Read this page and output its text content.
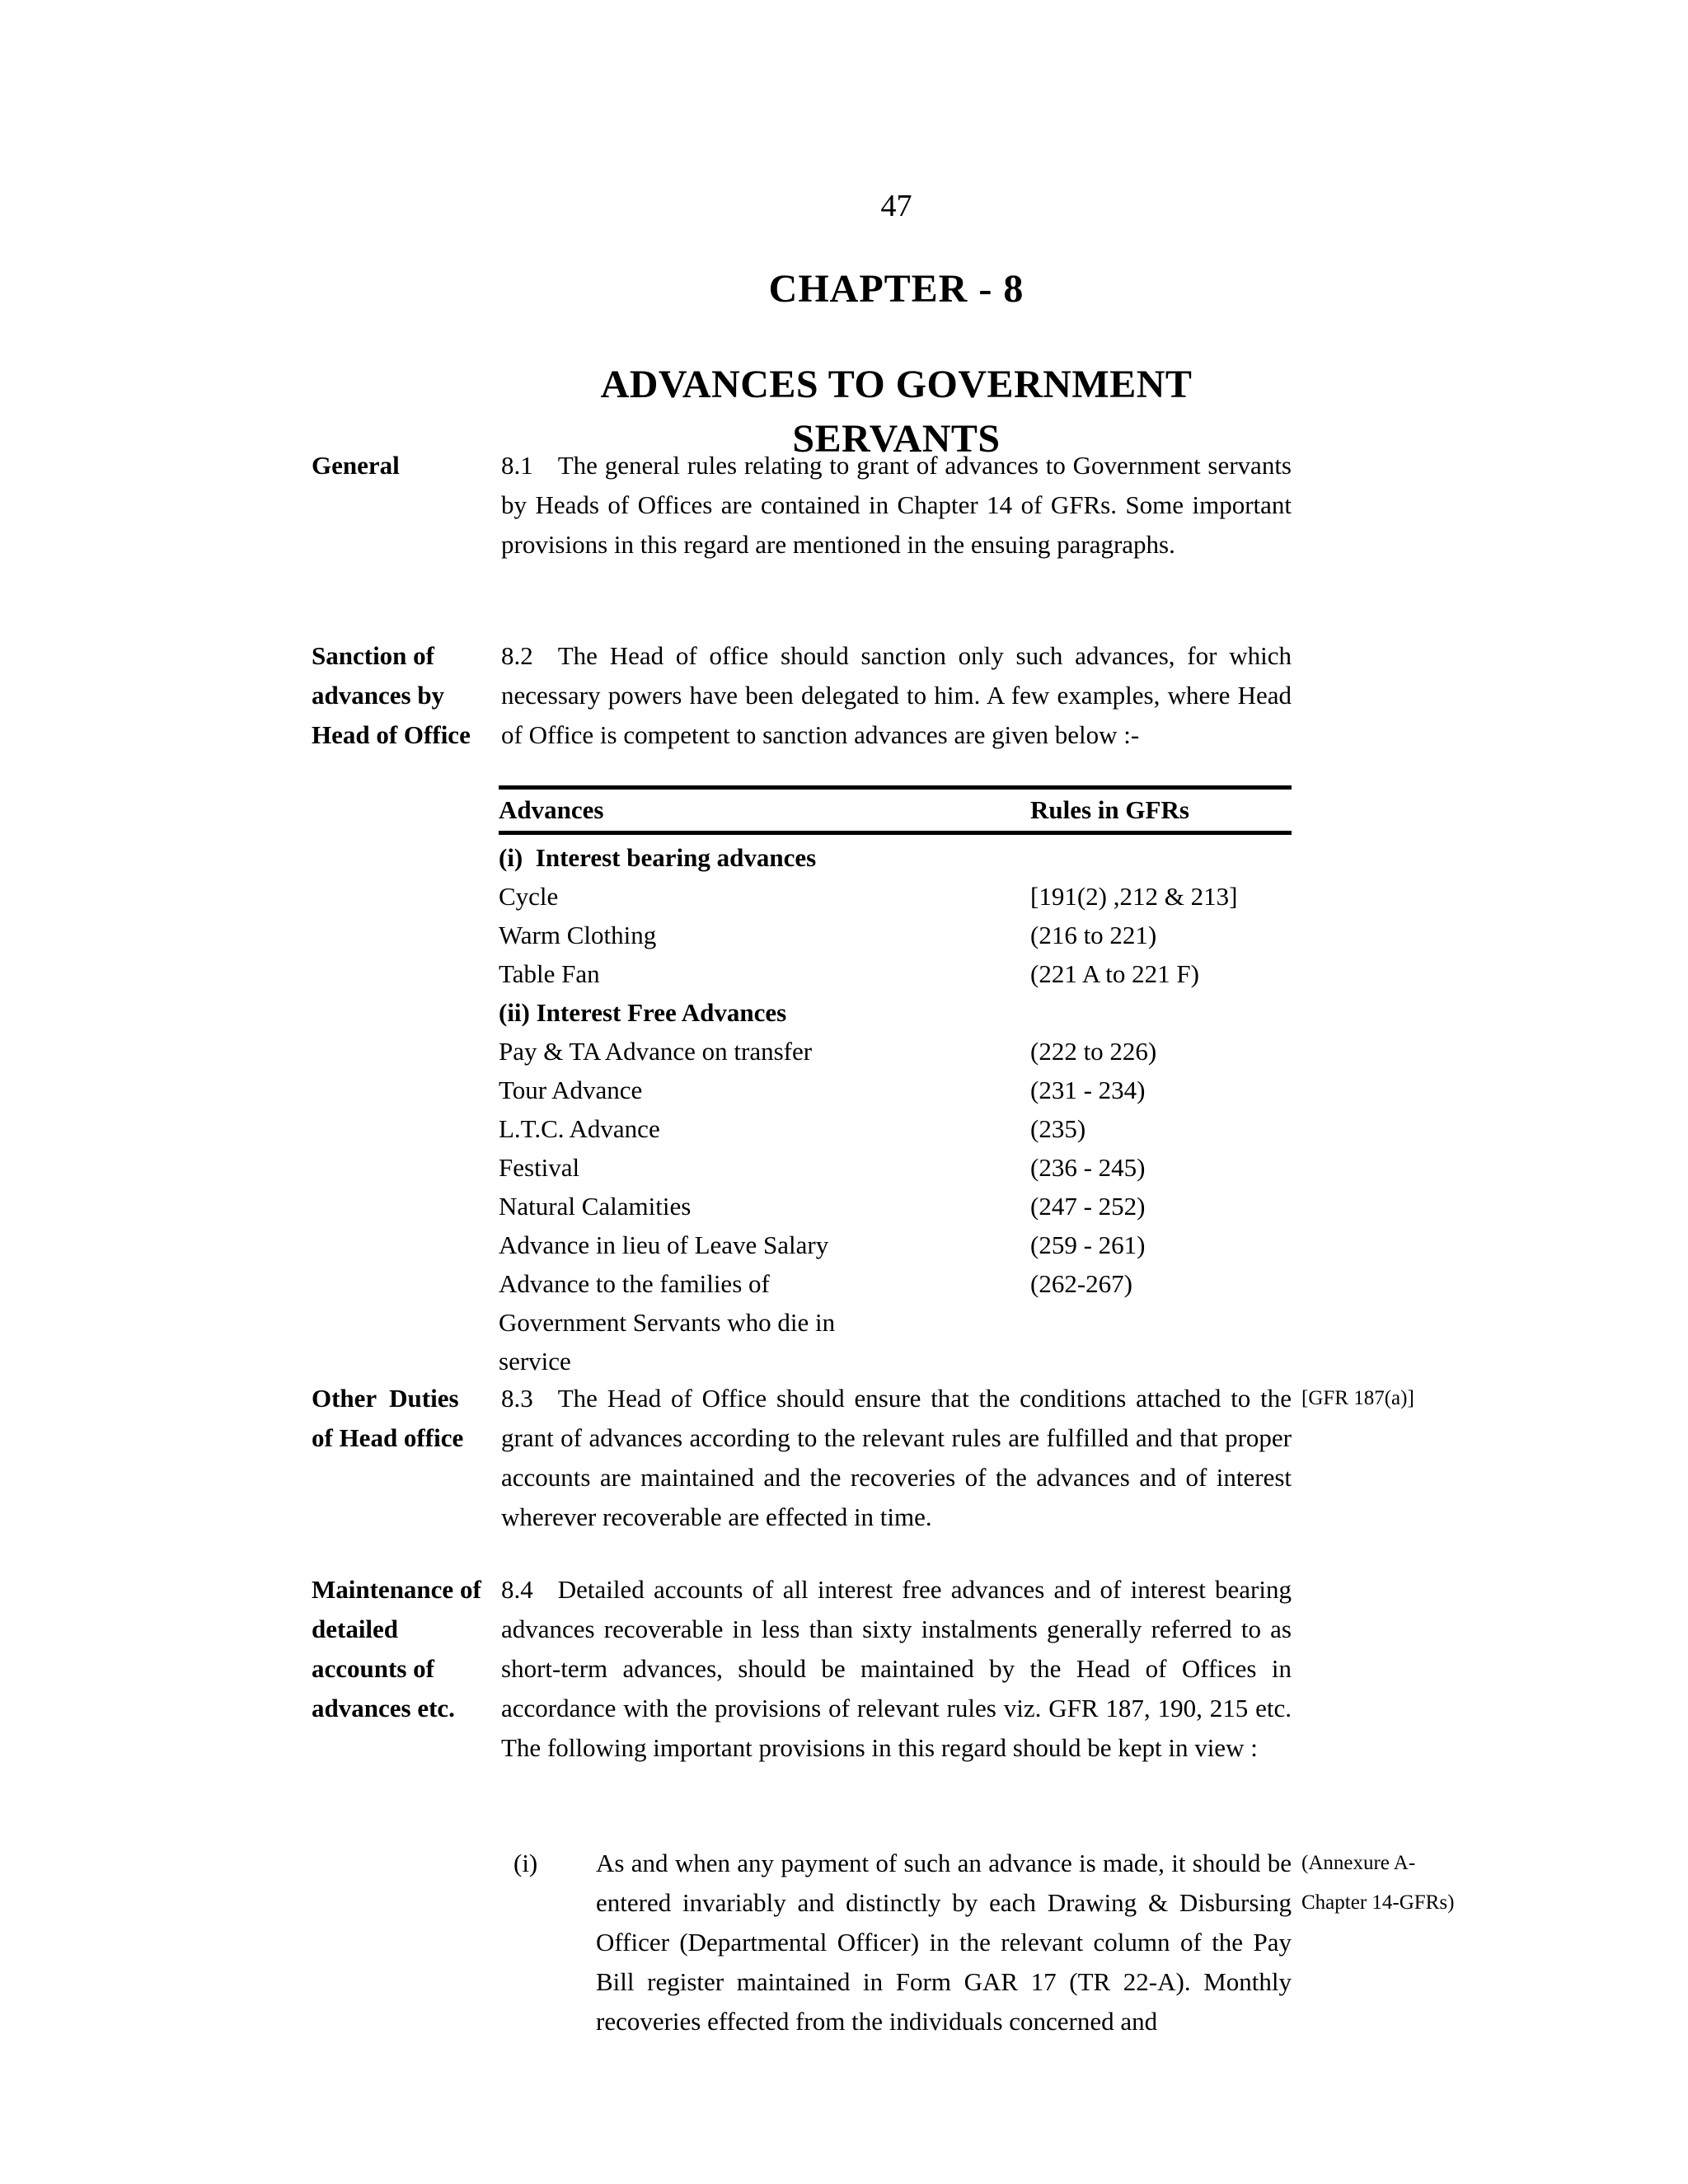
47
CHAPTER - 8
ADVANCES TO GOVERNMENT SERVANTS
General	8.1 The general rules relating to grant of advances to Government servants by Heads of Offices are contained in Chapter 14 of GFRs. Some important provisions in this regard are mentioned in the ensuing paragraphs.
Sanction of
advances by
Head of Office
8.2 The Head of office should sanction only such advances, for which necessary powers have been delegated to him. A few examples, where Head of Office is competent to sanction advances are given below :-
Advances	Rules in GFRs
(i)  Interest bearing advances
Cycle	[191(2) ,212 & 213]
Warm Clothing	(216 to 221)
Table Fan	(221 A to 221 F)
(ii) Interest Free Advances
Pay & TA Advance on transfer	(222 to 226)
Tour Advance	(231 - 234)
L.T.C. Advance	(235)
Festival	(236 - 245)
Natural Calamities	(247 - 252)
Advance in lieu of Leave Salary	(259 - 261)
Advance to the families of	(262-267)
Government Servants who die in
service
Other  Duties
of Head office
8.3 The Head of Office should ensure that the conditions attached to the grant of advances according to the relevant rules are fulfilled and that proper accounts are maintained and the recoveries of the advances and of interest wherever recoverable are effected in time.
[GFR 187(a)]
Maintenance of
detailed
accounts of
advances etc.
8.4 Detailed accounts of all interest free advances and of interest bearing advances recoverable in less than sixty instalments generally referred to as short-term advances, should be maintained by the Head of Offices in accordance with the provisions of relevant rules viz. GFR 187, 190, 215 etc. The following important provisions in this regard should be kept in view :
(i)	As and when any payment of such an advance is made, it should be entered invariably and distinctly by each Drawing & Disbursing Officer (Departmental Officer) in the relevant column of the Pay Bill register maintained in Form GAR 17 (TR 22-A). Monthly recoveries effected from the individuals concerned and
(Annexure A-
Chapter 14-GFRs)
